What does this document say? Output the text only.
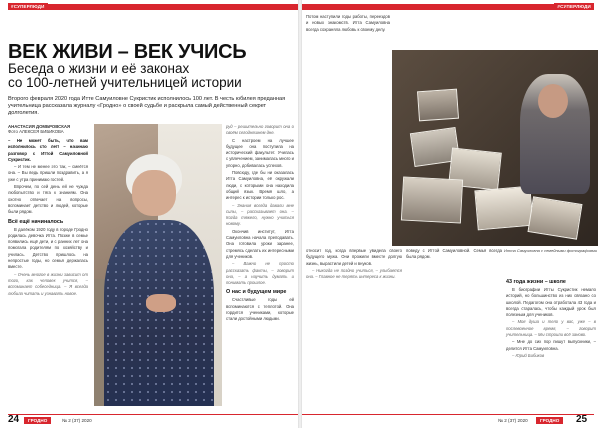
#СУПЕРЛЮДИ
ВЕК ЖИВИ – ВЕК УЧИСЬ
Беседа о жизни и её законах
со 100-летней учительницей истории
Второго февраля 2020 года Итте Самуиловне Сукристик исполнилось 100 лет. В честь юбилея преданная учительница рассказала журналу «Гродно» о своей судьбе и раскрыла самый действенный секрет долголетия.
АНАСТАСИЯ ДОМБРОВСКАЯ
Фото АЛЕКСЕЯ БИБИКОВА

– Не может быть, что вам исполнилось сто лет! – начинаю разговор с Иттой Самуиловной Сукристик.

– И тем не менее это так, – смеётся она. – Вы ведь пришли поздравить, а я уже с утра принимаю гостей.

Впрочем, по сей день ей не чужда любопытство и тяга к знаниям. Она охотно отвечает на вопросы, вспоминает детство и людей, которые были рядом.

Всё ещё начиналось

В далёком 1920 году в городе Гродно родилась девочка Итта. Позже в семье появились ещё дети, и с ранних лет она помогала родителям по хозяйству и училась. Детство пришлось на непростые годы, но семья держалась вместе.

– Очень многое в жизни зависит от того, как человек учится, – вспоминает собеседница. – Я всегда любила читать и узнавать новое.

руд – решительно говорит она о своём сегодняшнем дне.

С настроем на лучшее будущее она поступила на исторический факультет. Училась с увлечением, занималась много и упорно, добивалась успехов.

Повсюду, где бы ни оказалась Итта Самуиловна, её окружали люди, с которыми она находила общий язык. Время шло, а интерес к истории только рос.

– Знания всегда давали мне силы, – рассказывает она. – Когда тяжело, нужно учиться новому.

Окончив институт, Итта Самуиловна начала преподавать. Она готовила уроки заранее, стремясь сделать их интересными для учеников.

– Важно не просто рассказать факты, – говорит она, – а научить думать и понимать прошлое.

О нас и будущем мире

Счастливые годы ей вспоминаются с теплотой. Она гордится учениками, которые стали достойными людьми.

24	ГРОДНО	№ 2 (37) 2020
#СУПЕРЛЮДИ

Потом наступили годы работы, переездов и новых знакомств. Итта Самуиловна всегда сохраняла любовь к своему делу.

относит год, когда впервые увидела своего будущего мужа. Они прожили вместе долгую жизнь, вырастили детей и внуков.

– Никогда не поздно учиться, – улыбается она. – Главное не терять интереса к жизни.

поведу с Иттой Самуиловной. Семья всегда была рядом.

43 года жизни – школе

В биографии Итты Сукристик немало историй, но большинство из них связано со школой. Педагогом она отработала 43 года и всегда старалась, чтобы каждый урок был полезным для учеников.

– Моя душа и тело у вас, уже – в послевоенное время, – говорит учительница. – Мы строили всё заново.

– Мне до сих пор пишут выпускники, – делится Итта Самуиловна.

– Юрий Бибиков

№ 2 (37) 2020	ГРОДНО	25
Итта Самуиловна с семейными фотографиями
